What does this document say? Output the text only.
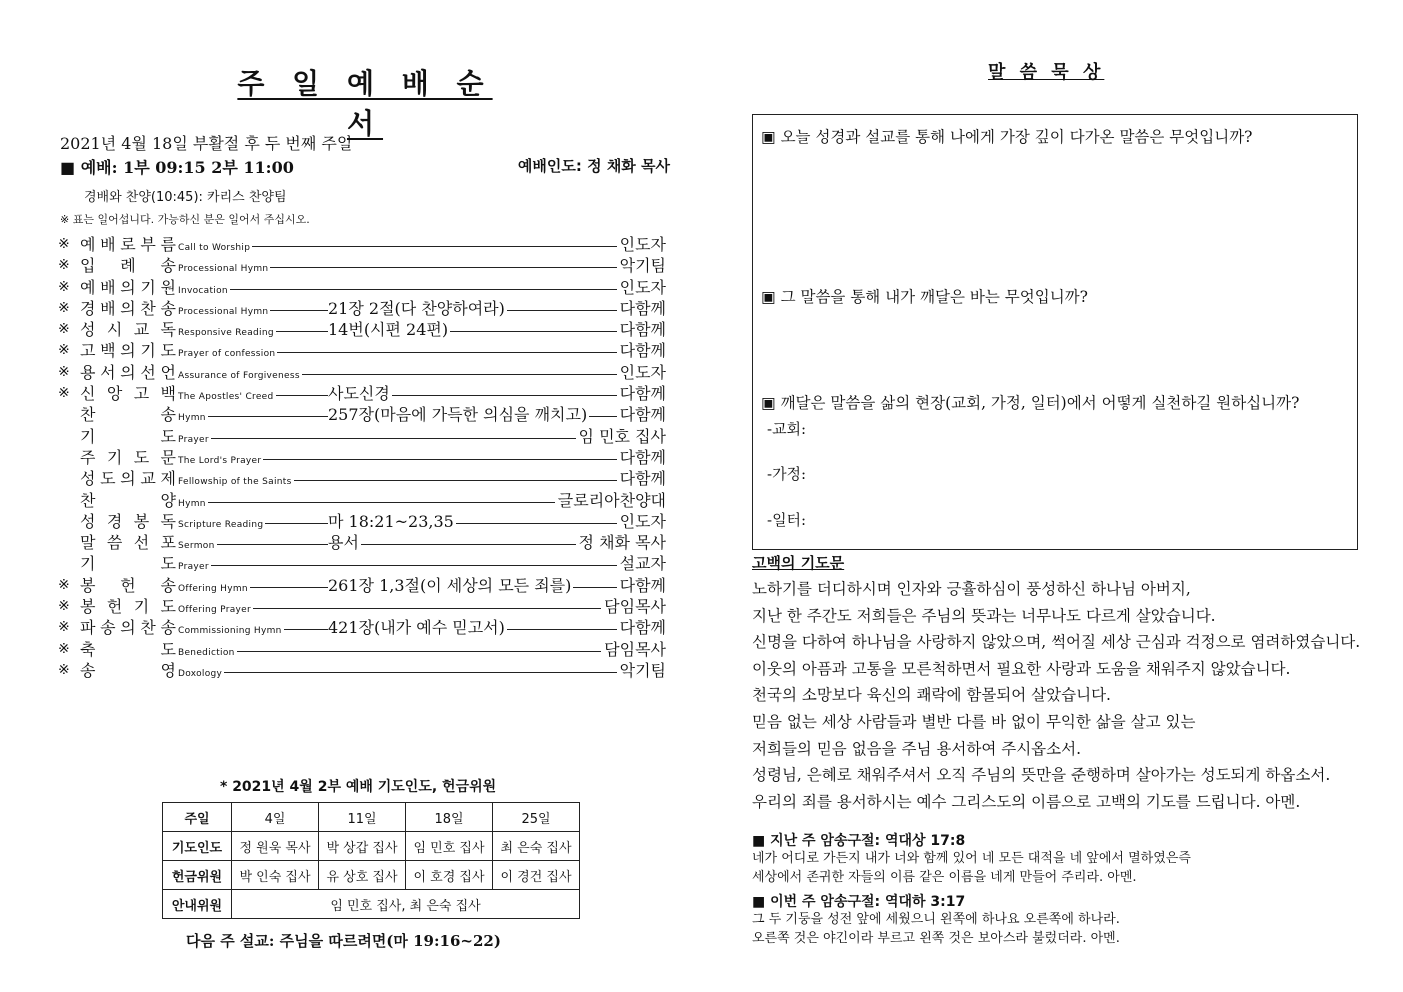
주 일 예 배 순 서
2021년 4월 18일 부활절 후 두 번째 주일
■ 예배: 1부 09:15 2부 11:00	예배인도: 정 채화 목사
경배와 찬양(10:45): 카리스 찬양팀
※ 표는 일어섭니다. 가능하신 분은 일어서 주십시오.
※ 예 배 로 부 름 Call to Worship	인도자
※ 입 례 송 Processional Hymn	악기팀
※ 예 배 의 기 원 Invocation	인도자
※ 경 배 의 찬 송 Processional Hymn	21장 2절(다 찬양하여라)	다함께
※ 성 시 교 독 Responsive Reading	14번(시편 24편)	다함께
※ 고 백 의 기 도 Prayer of confession	다함께
※ 용 서 의 선 언 Assurance of Forgiveness	인도자
※ 신 앙 고 백 The Apostles' Creed	사도신경	다함께
찬	송 Hymn	257장(마음에 가득한 의심을 깨치고) 다함께
기	도 Prayer	임 민호 집사
주 기 도 문 The Lord's Prayer	다함께
성 도 의 교 제 Fellowship of the Saints	다함께
찬	양 Hymn	글로리아찬양대
성 경 봉 독 Scripture Reading	마 18:21~23,35	인도자
말 씀 선 포 Sermon	용서	정 채화 목사
기	도 Prayer	설교자
※ 봉 헌 송 Offering Hymn	261장 1,3절(이 세상의 모든 죄를)	다함께
※ 봉 헌 기 도 Offering Prayer	담임목사
※ 파 송 의 찬 송 Commissioning Hymn	421장(내가 예수 믿고서)	다함께
※ 축	도 Benediction	담임목사
※ 송	영 Doxology	악기팀
* 2021년 4월 2부 예배 기도인도, 헌금위원
주일	4일	11일	18일	25일
기도인도	정 원욱 목사	박 상갑 집사	임 민호 집사	최 은숙 집사
헌금위원	박 인숙 집사	유 상호 집사	이 호경 집사	이 경건 집사
안내위원	임 민호 집사, 최 은숙 집사			
다음 주 설교: 주님을 따르려면(마 19:16~22)
말 씀 묵 상
▣ 오늘 성경과 설교를 통해 나에게 가장 깊이 다가온 말씀은 무엇입니까?
▣ 그 말씀을 통해 내가 깨달은 바는 무엇입니까?
▣ 깨달은 말씀을 삶의 현장(교회, 가정, 일터)에서 어떻게 실천하길 원하십니까?
-교회:
-가정:
-일터:
고백의 기도문
노하기를 더디하시며 인자와 긍휼하심이 풍성하신 하나님 아버지,
지난 한 주간도 저희들은 주님의 뜻과는 너무나도 다르게 살았습니다.
신명을 다하여 하나님을 사랑하지 않았으며, 썩어질 세상 근심과 걱정으로 염려하였습니다.
이웃의 아픔과 고통을 모른척하면서 필요한 사랑과 도움을 채워주지 않았습니다.
천국의 소망보다 육신의 쾌락에 함몰되어 살았습니다.
믿음 없는 세상 사람들과 별반 다를 바 없이 무익한 삶을 살고 있는
저희들의 믿음 없음을 주님 용서하여 주시옵소서.
성령님, 은혜로 채워주셔서 오직 주님의 뜻만을 준행하며 살아가는 성도되게 하옵소서.
우리의 죄를 용서하시는 예수 그리스도의 이름으로 고백의 기도를 드립니다. 아멘.
■ 지난 주 암송구절: 역대상 17:8
네가 어디로 가든지 내가 너와 함께 있어 네 모든 대적을 네 앞에서 멸하였은즉
세상에서 존귀한 자들의 이름 같은 이름을 네게 만들어 주리라. 아멘.
■ 이번 주 암송구절: 역대하 3:17
그 두 기둥을 성전 앞에 세웠으니 왼쪽에 하나요 오른쪽에 하나라.
오른쪽 것은 야긴이라 부르고 왼쪽 것은 보아스라 불렀더라. 아멘.
